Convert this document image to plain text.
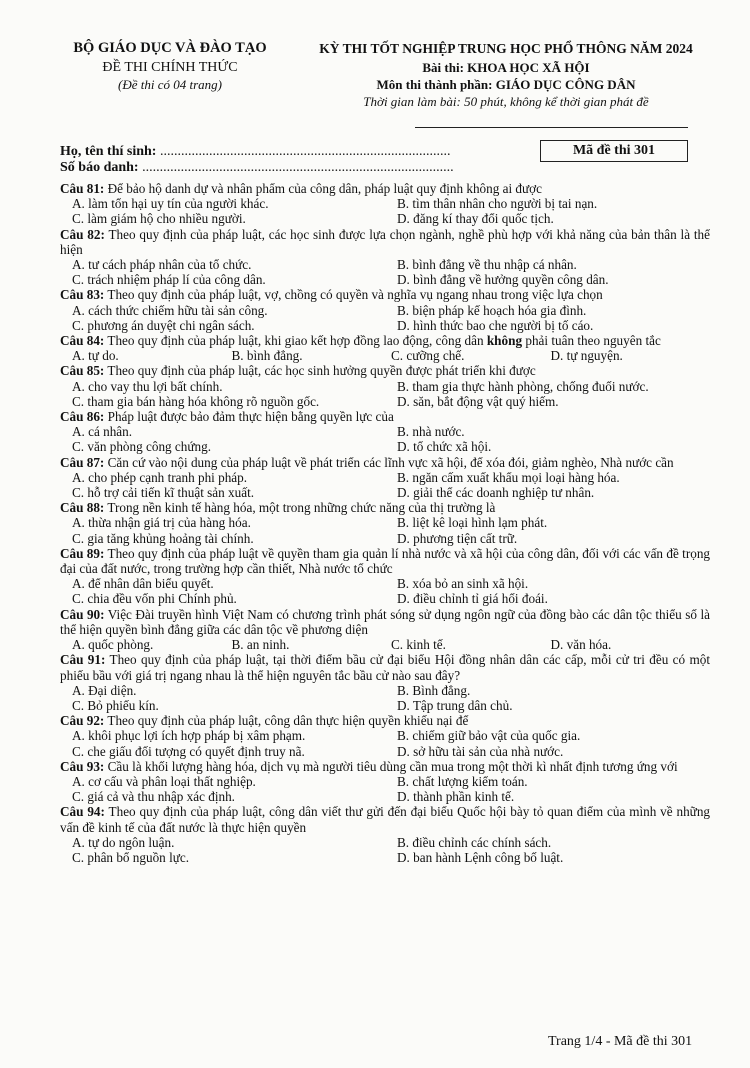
BỘ GIÁO DỤC VÀ ĐÀO TẠO
ĐỀ THI CHÍNH THỨC
(Đề thi có 04 trang)
KỲ THI TỐT NGHIỆP TRUNG HỌC PHỔ THÔNG NĂM 2024
Bài thi: KHOA HỌC XÃ HỘI
Môn thi thành phần: GIÁO DỤC CÔNG DÂN
Thời gian làm bài: 50 phút, không kể thời gian phát đề
Họ, tên thí sinh: ...................................................................................
Số báo danh: .........................................................................................
Mã đề thi 301
Câu 81: Để bảo hộ danh dự và nhân phẩm của công dân, pháp luật quy định không ai được
A. làm tổn hại uy tín của người khác.	B. tìm thân nhân cho người bị tai nạn.
C. làm giám hộ cho nhiều người.	D. đăng kí thay đổi quốc tịch.
Câu 82: Theo quy định của pháp luật, các học sinh được lựa chọn ngành, nghề phù hợp với khả năng của bản thân là thể hiện
A. tư cách pháp nhân của tổ chức.	B. bình đẳng về thu nhập cá nhân.
C. trách nhiệm pháp lí của công dân.	D. bình đẳng về hưởng quyền công dân.
Câu 83: Theo quy định của pháp luật, vợ, chồng có quyền và nghĩa vụ ngang nhau trong việc lựa chọn
A. cách thức chiếm hữu tài sản công.	B. biện pháp kế hoạch hóa gia đình.
C. phương án duyệt chi ngân sách.	D. hình thức bao che người bị tố cáo.
Câu 84: Theo quy định của pháp luật, khi giao kết hợp đồng lao động, công dân không phải tuân theo nguyên tắc
A. tự do.	B. bình đẳng.	C. cưỡng chế.	D. tự nguyện.
Câu 85: Theo quy định của pháp luật, các học sinh hưởng quyền được phát triển khi được
A. cho vay thu lợi bất chính.	B. tham gia thực hành phòng, chống đuối nước.
C. tham gia bán hàng hóa không rõ nguồn gốc.	D. săn, bắt động vật quý hiếm.
Câu 86: Pháp luật được bảo đảm thực hiện bằng quyền lực của
A. cá nhân.	B. nhà nước.
C. văn phòng công chứng.	D. tổ chức xã hội.
Câu 87: Căn cứ vào nội dung của pháp luật về phát triển các lĩnh vực xã hội, để xóa đói, giảm nghèo, Nhà nước cần
A. cho phép cạnh tranh phi pháp.	B. ngăn cấm xuất khẩu mọi loại hàng hóa.
C. hỗ trợ cải tiến kĩ thuật sản xuất.	D. giải thể các doanh nghiệp tư nhân.
Câu 88: Trong nền kinh tế hàng hóa, một trong những chức năng của thị trường là
A. thừa nhận giá trị của hàng hóa.	B. liệt kê loại hình lạm phát.
C. gia tăng khủng hoảng tài chính.	D. phương tiện cất trữ.
Câu 89: Theo quy định của pháp luật về quyền tham gia quản lí nhà nước và xã hội của công dân, đối với các vấn đề trọng đại của đất nước, trong trường hợp cần thiết, Nhà nước tổ chức
A. để nhân dân biểu quyết.	B. xóa bỏ an sinh xã hội.
C. chia đều vốn phi Chính phủ.	D. điều chỉnh tỉ giá hối đoái.
Câu 90: Việc Đài truyền hình Việt Nam có chương trình phát sóng sử dụng ngôn ngữ của đồng bào các dân tộc thiểu số là thể hiện quyền bình đẳng giữa các dân tộc về phương diện
A. quốc phòng.	B. an ninh.	C. kinh tế.	D. văn hóa.
Câu 91: Theo quy định của pháp luật, tại thời điểm bầu cử đại biểu Hội đồng nhân dân các cấp, mỗi cử tri đều có một phiếu bầu với giá trị ngang nhau là thể hiện nguyên tắc bầu cử nào sau đây?
A. Đại diện.	B. Bình đẳng.
C. Bỏ phiếu kín.	D. Tập trung dân chủ.
Câu 92: Theo quy định của pháp luật, công dân thực hiện quyền khiếu nại để
A. khôi phục lợi ích hợp pháp bị xâm phạm.	B. chiếm giữ bảo vật của quốc gia.
C. che giấu đối tượng có quyết định truy nã.	D. sở hữu tài sản của nhà nước.
Câu 93: Cầu là khối lượng hàng hóa, dịch vụ mà người tiêu dùng cần mua trong một thời kì nhất định tương ứng với
A. cơ cấu và phân loại thất nghiệp.	B. chất lượng kiểm toán.
C. giá cả và thu nhập xác định.	D. thành phần kinh tế.
Câu 94: Theo quy định của pháp luật, công dân viết thư gửi đến đại biểu Quốc hội bày tỏ quan điểm của mình về những vấn đề kinh tế của đất nước là thực hiện quyền
A. tự do ngôn luận.	B. điều chỉnh các chính sách.
C. phân bổ nguồn lực.	D. ban hành Lệnh công bố luật.
Trang 1/4 - Mã đề thi 301
